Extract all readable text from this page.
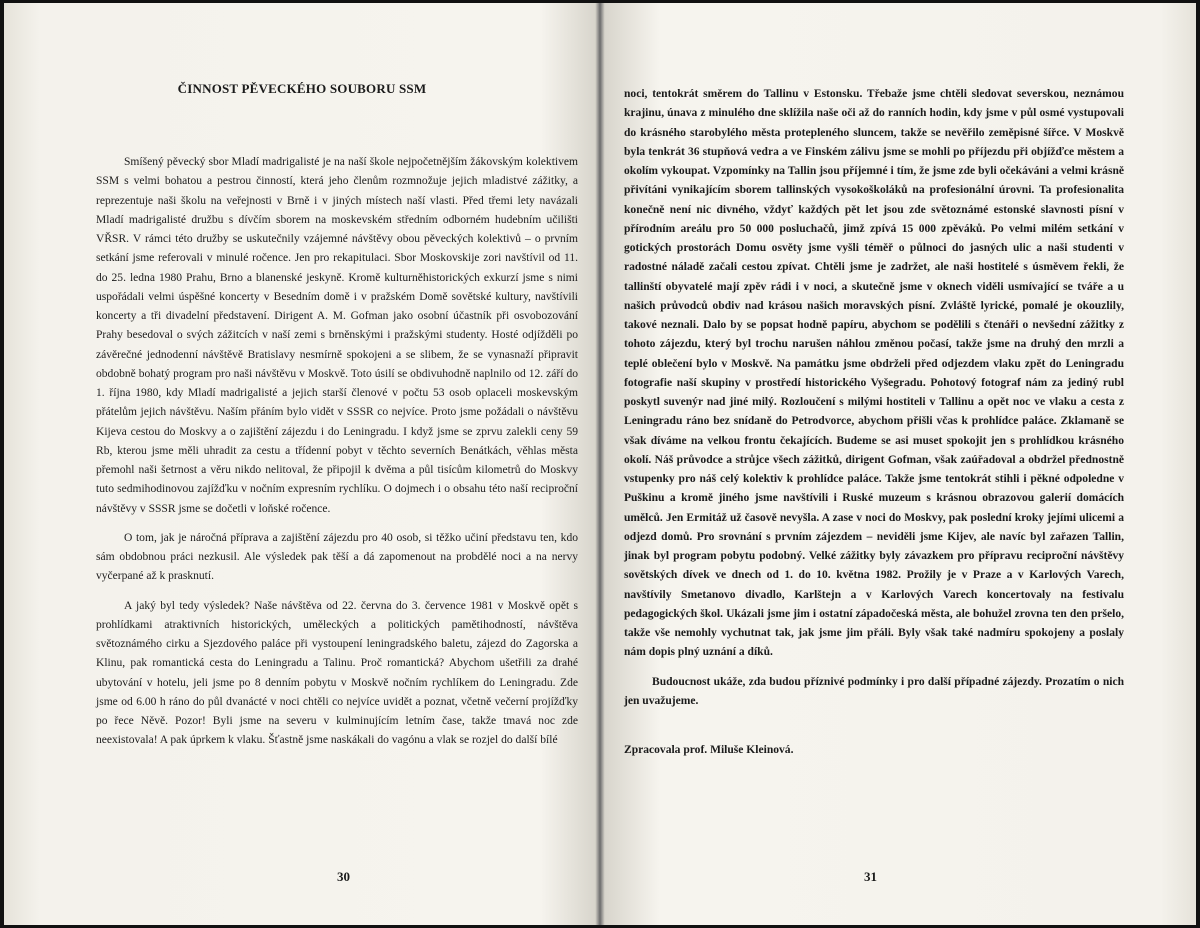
ČINNOST PĚVECKÉHO SOUBORU SSM

Smíšený pěvecký sbor Mladí madrigalisté je na naší škole nejpočetnějším žákovským kolektivem SSM s velmi bohatou a pestrou činností, která jeho členům rozmnožuje jejich mladistvé zážitky, a reprezentuje naši školu na veřejnosti v Brně i v jiných místech naší vlasti. Před třemi lety navázali Mladí madrigalisté družbu s dívčím sborem na moskevském středním odborném hudebním učilišti VŘSR. V rámci této družby se uskutečnily vzájemné návštěvy obou pěveckých kolektivů – o prvním setkání jsme referovali v minulé ročence. Jen pro rekapitulaci. Sbor Moskovskije zori navštívil od 11. do 25. ledna 1980 Prahu, Brno a blanenské jeskyně. Kromě kulturněhistorických exkurzí jsme s nimi uspořádali velmi úspěšné koncerty v Besedním domě i v pražském Domě sovětské kultury, navštívili koncerty a tři divadelní představení. Dirigent A. M. Gofman jako osobní účastník při osvobozování Prahy besedoval o svých zážitcích v naší zemi s brněnskými i pražskými studenty. Hosté odjížděli po závěrečné jednodenní návštěvě Bratislavy nesmírně spokojeni a se slibem, že se vynasnaží připravit obdobně bohatý program pro naši návštěvu v Moskvě. Toto úsilí se obdivuhodně naplnilo od 12. září do 1. října 1980, kdy Mladí madrigalisté a jejich starší členové v počtu 53 osob oplaceli moskevským přátelům jejich návštěvu. Naším přáním bylo vidět v SSSR co nejvíce. Proto jsme požádali o návštěvu Kijeva cestou do Moskvy a o zajištění zájezdu i do Leningradu. I když jsme se zprvu zalekli ceny 59 Rb, kterou jsme měli uhradit za cestu a třídenní pobyt v těchto severních Benátkách, věhlas města přemohl naši šetrnost a věru nikdo nelitoval, že připojil k dvěma a půl tisícům kilometrů do Moskvy tuto sedmihodinovou zajížďku v nočním expresním rychlíku. O dojmech i o obsahu této naší reciproční návštěvy v SSSR jsme se dočetli v loňské ročence.

O tom, jak je náročná příprava a zajištění zájezdu pro 40 osob, si těžko učiní představu ten, kdo sám obdobnou práci nezkusil. Ale výsledek pak těší a dá zapomenout na probdělé noci a na nervy vyčerpané až k prasknutí.

A jaký byl tedy výsledek? Naše návštěva od 22. června do 3. července 1981 v Moskvě opět s prohlídkami atraktivních historických, uměleckých a politických pamětihodností, návštěva světoznámého cirku a Sjezdového paláce při vystoupení leningradského baletu, zájezd do Zagorska a Klinu, pak romantická cesta do Leningradu a Talinu. Proč romantická? Abychom ušetřili za drahé ubytování v hotelu, jeli jsme po 8 denním pobytu v Moskvě nočním rychlíkem do Leningradu. Zde jsme od 6.00 h ráno do půl dvanácté v noci chtěli co nejvíce uvidět a poznat, včetně večerní projížďky po řece Něvě. Pozor! Byli jsme na severu v kulminujícím letním čase, takže tmavá noc zde neexistovala! A pak úprkem k vlaku. Šťastně jsme naskákali do vagónu a vlak se rozjel do další bílé

30

noci, tentokrát směrem do Tallinu v Estonsku. Třebaže jsme chtěli sledovat severskou, neznámou krajinu, únava z minulého dne sklížila naše oči až do ranních hodin, kdy jsme v půl osmé vystupovali do krásného starobylého města proteplеného sluncem, takže se nevěřilo zeměpisné šířce. V Moskvě byla tenkrát 36 stupňová vedra a ve Finském zálivu jsme se mohli po příjezdu při objížďce městem a okolím vykoupat. Vzpomínky na Tallin jsou příjemné i tím, že jsme zde byli očekáváni a velmi krásně přivítáni vynikajícím sborem tallinských vysokoškoláků na profesionální úrovni. Ta profesionalita konečně není nic divného, vždyť každých pět let jsou zde světoznámé estonské slavnosti písní v přírodním areálu pro 50 000 posluchačů, jimž zpívá 15 000 zpěváků. Po velmi milém setkání v gotických prostorách Domu osvěty jsme vyšli téměř o půlnoci do jasných ulic a naši studenti v radostné náladě začali cestou zpívat. Chtěli jsme je zadržet, ale naši hostitelé s úsměvem řekli, že tallinští obyvatelé mají zpěv rádi i v noci, a skutečně jsme v oknech viděli usmívající se tváře a u našich průvodců obdiv nad krásou našich moravských písní. Zvláště lyrické, pomalé je okouzlily, takové neznali. Dalo by se popsat hodně papíru, abychom se podělili s čtenáři o nevšední zážitky z tohoto zájezdu, který byl trochu narušen náhlou změnou počasí, takže jsme na druhý den mrzli a teplé oblečení bylo v Moskvě. Na památku jsme obdrželi před odjezdem vlaku zpět do Leningradu fotografie naší skupiny v prostředí historického Vyšegradu. Pohotový fotograf nám za jediný rubl poskytl suvenýr nad jiné milý. Rozloučení s milými hostiteli v Tallinu a opět noc ve vlaku a cesta z Leningradu ráno bez snídaně do Petrodvorce, abychom přišli včas k prohlídce paláce. Zklamaně se však díváme na velkou frontu čekajících. Budeme se asi muset spokojit jen s prohlídkou krásného okolí. Náš průvodce a strůjce všech zážitků, dirigent Gofman, však zaúřadoval a obdržel přednostně vstupenky pro náš celý kolektiv k prohlídce paláce. Takže jsme tentokrát stihli i pěkné odpoledne v Puškinu a kromě jiného jsme navštívili i Ruské muzeum s krásnou obrazovou galerií domácích umělců. Jen Ermitáž už časově nevyšla. A zase v noci do Moskvy, pak poslední kroky jejími ulicemi a odjezd domů. Pro srovnání s prvním zájezdem – neviděli jsme Kijev, ale navíc byl zařazen Tallin, jinak byl program pobytu podobný. Velké zážitky byly závazkem pro přípravu reciproční návštěvy sovětských dívek ve dnech od 1. do 10. května 1982. Prožily je v Praze a v Karlových Varech, navštívily Smetanovo divadlo, Karlštejn a v Karlových Varech koncertovaly na festivalu pedagogických škol. Ukázali jsme jim i ostatní západočeská města, ale bohužel zrovna ten den pršelo, takže vše nemohly vychutnat tak, jak jsme jim přáli. Byly však také nadmíru spokojeny a poslaly nám dopis plný uznání a díků.

Budoucnost ukáže, zda budou příznivé podmínky i pro další případné zájezdy. Prozatím o nich jen uvažujeme.

Zpracovala prof. Miluše Kleinová.

31
